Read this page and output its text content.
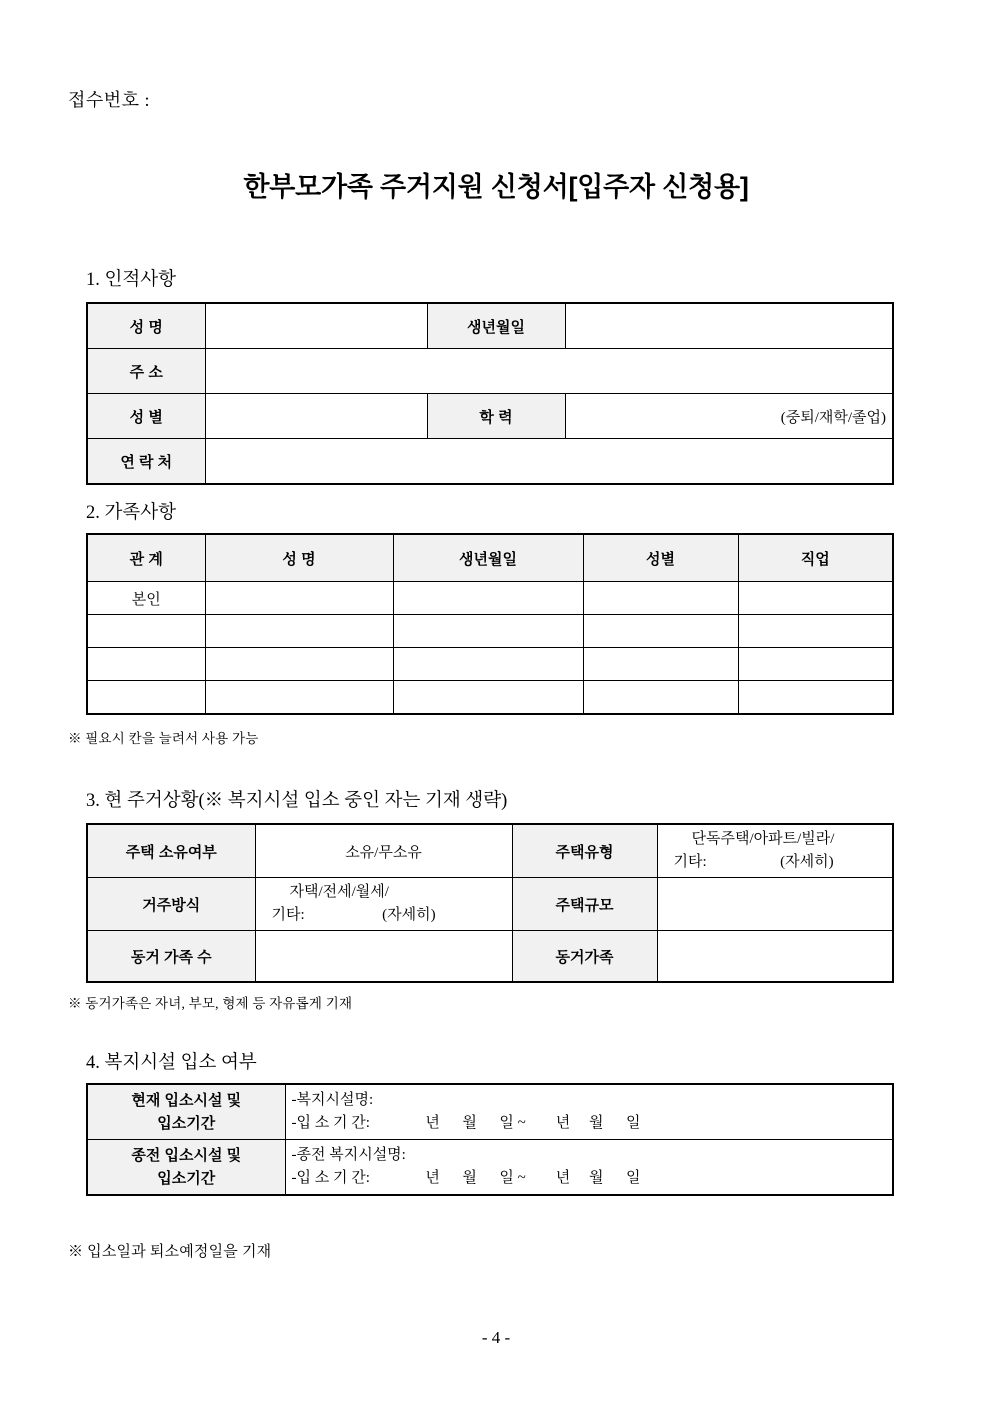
접수번호 :
한부모가족 주거지원 신청서[입주자 신청용]
1. 인적사항
성 명		생년월일	
주 소			
성 별		학 력	(중퇴/재학/졸업)
연 락 처			
2. 가족사항
관 계	성 명	생년월일	성별	직업
본인				

※ 필요시 칸을 늘려서 사용 가능
3. 현 주거상황(※ 복지시설 입소 중인 자는 기재 생략)
주택 소유여부	소유/무소유	주택유형	단독주택/아파트/빌라/
기타: (자세히)

거주방식	자택/전세/월세/
기타: (자세히)	주택규모	
동거 가족 수		동거가족	
※ 동거가족은 자녀, 부모, 형제 등 자유롭게 기재
4. 복지시설 입소 여부
현재 입소시설 및
입소기간	-복지시설명:
-입 소 기 간: 년      월      일 ~        년     월      일

종전 입소시설 및
입소기간	-종전 복지시설명:
-입 소 기 간: 년      월      일 ~        년     월      일
※ 입소일과 퇴소예정일을 기재
- 4 -
